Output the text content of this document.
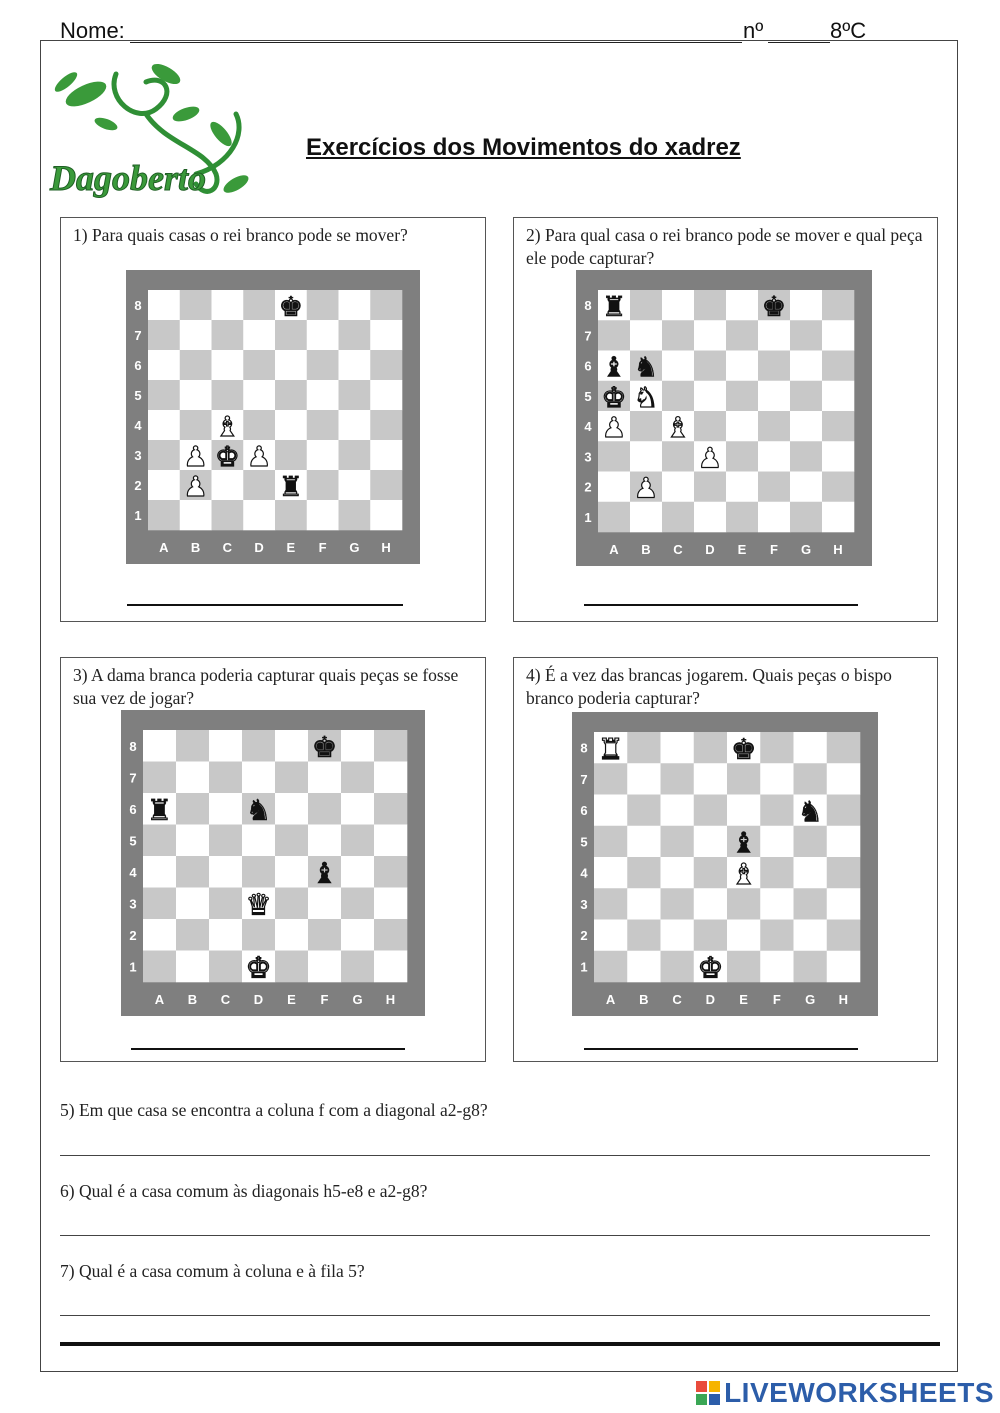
Nome:	nº	8ºC
Dagoberto
Exercícios dos Movimentos do xadrez
1) Para quais casas o rei branco pode se mover?
8
7
6
5
4
3
2
1
A B C D E F G H
♚
♝
♟ ♚ ♟
♟	♜
2) Para qual casa o rei branco pode se mover e qual peça ele pode capturar?
8
7
6
5
4
3
2
1
A B C D E F G H
♜	♚
♝ ♞
♚ ♞
♟ ♝
♟
♟
3) A dama branca poderia capturar quais peças se fosse sua vez de jogar?
8
7
6
5
4
3
2
1
A B C D E F G H
♚
♜	♞
♝
♛
♚
4) É a vez das brancas jogarem. Quais peças o bispo branco poderia capturar?
8
7
6
5
4
3
2
1
A B C D E F G H
♜	♚
♞
♝
♝
♚
5) Em que casa se encontra a coluna f com a diagonal a2-g8?
6) Qual é a casa comum às diagonais h5-e8 e a2-g8?
7) Qual é a casa comum à coluna e à fila 5?
LIVEWORKSHEETS
